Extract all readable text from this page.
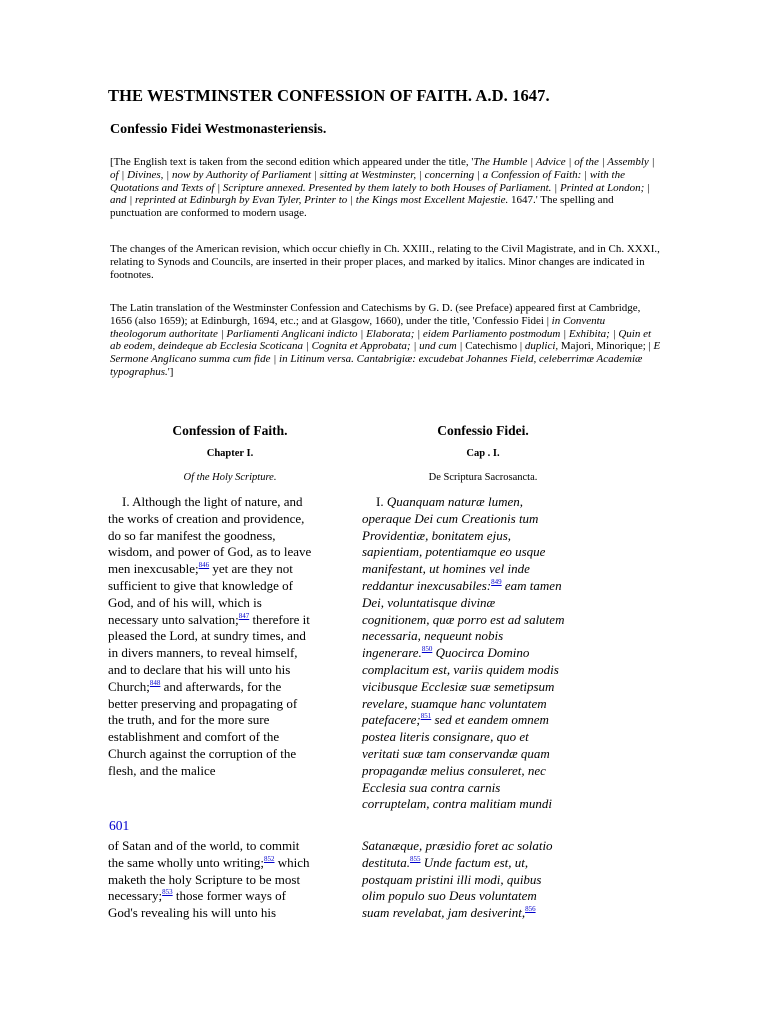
THE WESTMINSTER CONFESSION OF FAITH. A.D. 1647.
Confessio Fidei Westmonasteriensis.

[The English text is taken from the second edition which appeared under the title, 'The Humble | Advice | of the | Assembly | of | Divines, | now by Authority of Parliament | sitting at Westminster, | concerning | a Confession of Faith: | with the Quotations and Texts of | Scripture annexed. Presented by them lately to both Houses of Parliament. | Printed at London; | and | reprinted at Edinburgh by Evan Tyler, Printer to | the Kings most Excellent Majestie. 1647.' The spelling and punctuation are conformed to modern usage.

The changes of the American revision, which occur chiefly in Ch. XXIII., relating to the Civil Magistrate, and in Ch. XXXI., relating to Synods and Councils, are inserted in their proper places, and marked by italics. Minor changes are indicated in footnotes.

The Latin translation of the Westminster Confession and Catechisms by G. D. (see Preface) appeared first at Cambridge, 1656 (also 1659); at Edinburgh, 1694, etc.; and at Glasgow, 1660), under the title, 'Confessio Fidei | in Conventu theologorum authoritate | Parliamenti Anglicani indicto | Elaborata; | eidem Parliamento postmodum | Exhibita; | Quin et ab eodem, deindeque ab Ecclesia Scoticana | Cognita et Approbata; | und cum | Catechismo | duplici, Majori, Minorique; | E Sermone Anglicano summa cum fide | in Litinum versa. Cantabrigiæ: excudebat Johannes Field, celeberrimæ Academiæ typographus.']

Confession of Faith.	Confessio Fidei.

Chapter I.	Cap . I.

Of the Holy Scripture.	De Scriptura Sacrosancta.

I. Although the light of nature, and
the works of creation and providence,
do so far manifest the goodness,
wisdom, and power of God, as to leave
men inexcusable;$^{846}$ yet are they not
sufficient to give that knowledge of
God, and of his will, which is
necessary unto salvation;$^{847}$ therefore it
pleased the Lord, at sundry times, and
in divers manners, to reveal himself,
and to declare that his will unto his
Church;$^{848}$ and afterwards, for the
better preserving and propagating of
the truth, and for the more sure
establishment and comfort of the
Church against the corruption of the
flesh, and the malice
601
of Satan and of the world, to commit
the same wholly unto writing;$^{852}$ which
maketh the holy Scripture to be most
necessary;$^{853}$ those former ways of
God's revealing his will unto his
I. Quanquam naturæ lumen,
operaque Dei cum Creationis tum
Providentiæ, bonitatem ejus,
sapientiam, potentiamque eo usque
manifestant, ut homines vel inde
reddantur inexcusabiles:$^{849}$ eam tamen
Dei, voluntatisque divinæ
cognitionem, quæ porro est ad salutem
necessaria, nequeunt nobis
ingenerare.$^{850}$ Quocirca Domino
complacitum est, variis quidem modis
vicibusque Ecclesiæ suæ semetipsum
revelare, suamque hanc voluntatem
patefacere;$^{851}$ sed et eandem omnem
postea literis consignare, quo et
veritati suæ tam conservandæ quam
propagandæ melius consuleret, nec
Ecclesia sua contra carnis
corruptelam, contra malitiam mundi
Satanæque, præsidio foret ac solatio
destituta.$^{855}$ Unde factum est, ut,
postquam pristini illi modi, quibus
olim populo suo Deus voluntatem
suam revelabat, jam desiverint,$^{856}$
